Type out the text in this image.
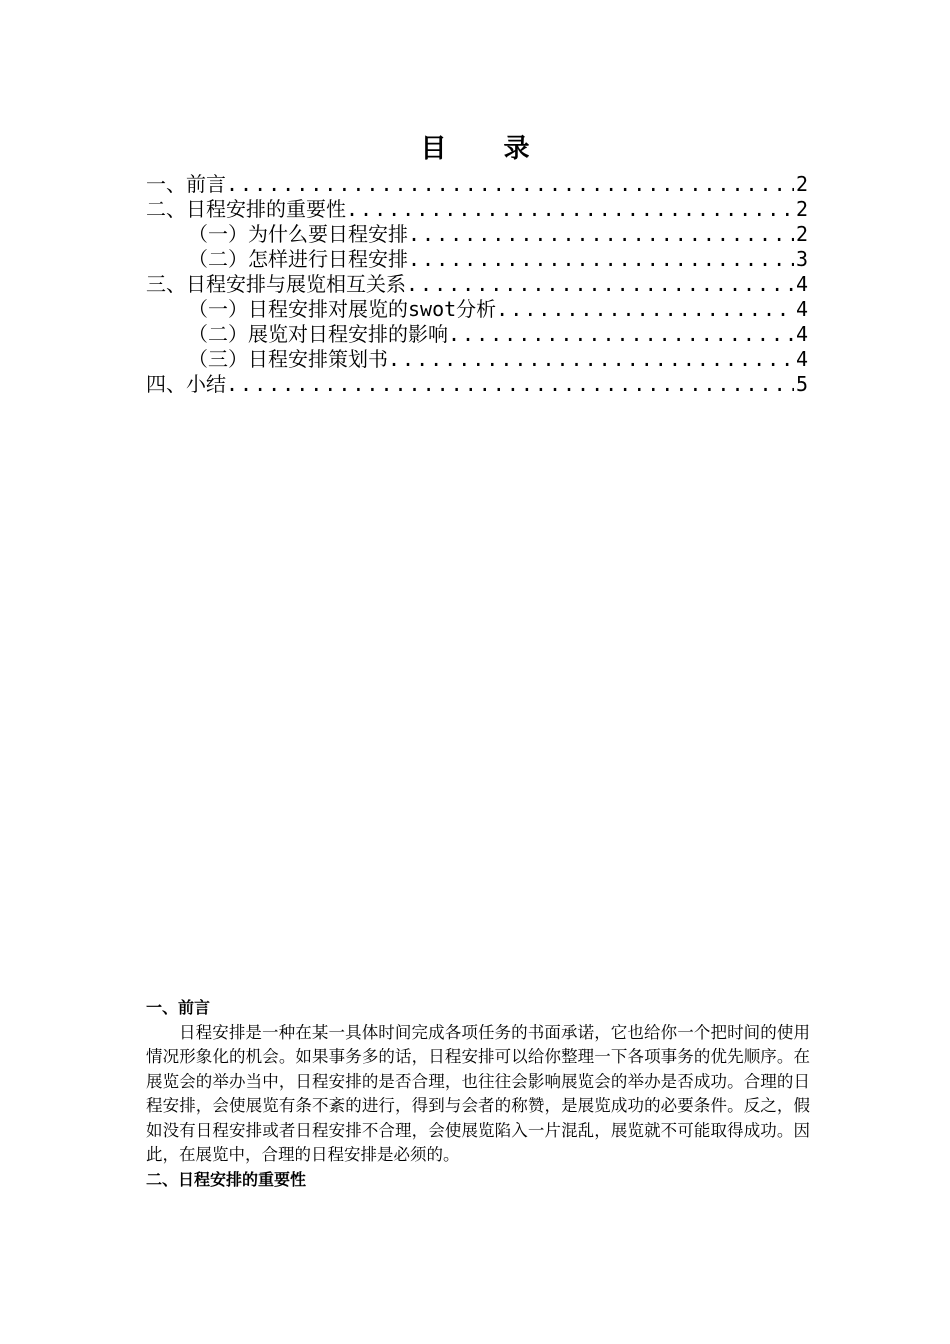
目 录
一、前言 .....	2
二、日程安排的重要性 .....	2
（一）为什么要日程安排 .....	2
（二）怎样进行日程安排 .....	3
三、日程安排与展览相互关系 .....	4
（一）日程安排对展览的swot分析 .....	4
（二）展览对日程安排的影响 .....	4
（三）日程安排策划书 .....	4
四、小结 .....	5
一、前言

日程安排是一种在某一具体时间完成各项任务的书面承诺，它也给你一个把时间的使用情况形象化的机会。如果事务多的话，日程安排可以给你整理一下各项事务的优先顺序。在展览会的举办当中，日程安排的是否合理，也往往会影响展览会的举办是否成功。合理的日程安排，会使展览有条不紊的进行，得到与会者的称赞，是展览成功的必要条件。反之，假如没有日程安排或者日程安排不合理，会使展览陷入一片混乱，展览就不可能取得成功。因此，在展览中，合理的日程安排是必须的。

二、日程安排的重要性
